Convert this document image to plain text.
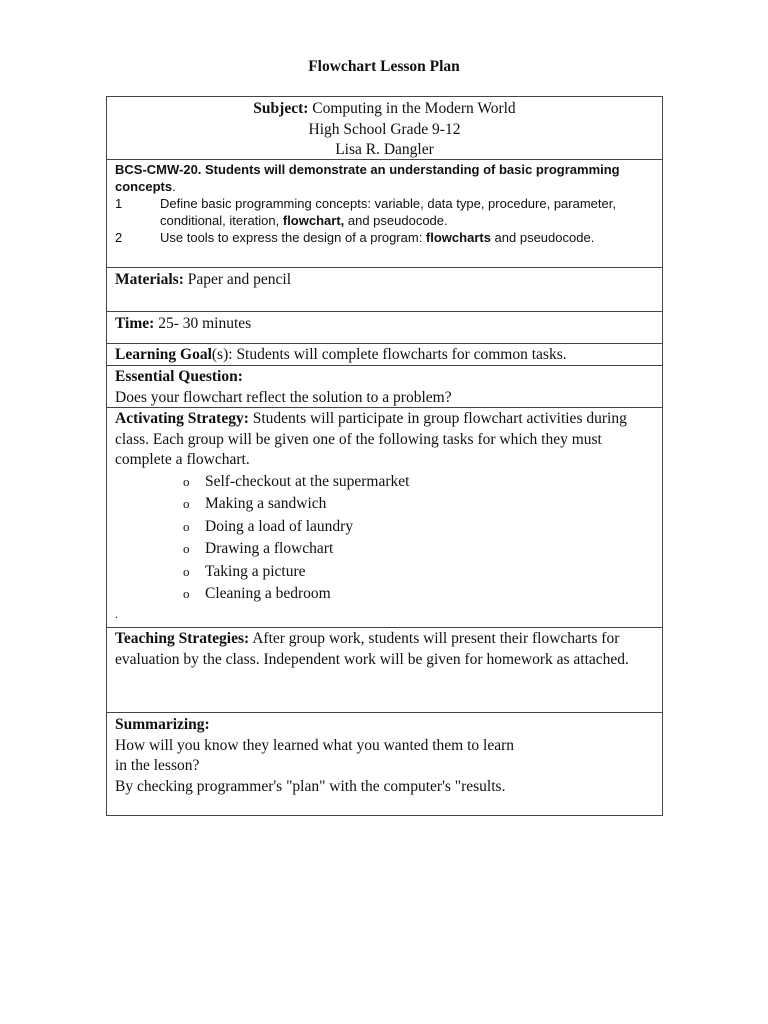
Flowchart Lesson Plan
Subject: Computing in the Modern World
High School Grade 9-12
Lisa R. Dangler
BCS-CMW-20. Students will demonstrate an understanding of basic programming concepts.
1	Define basic programming concepts: variable, data type, procedure, parameter, conditional, iteration, flowchart, and pseudocode.
2	Use tools to express the design of a program: flowcharts and pseudocode.
Materials: Paper and pencil
Time: 25- 30 minutes
Learning Goal(s): Students will complete flowcharts for common tasks.
Essential Question:
Does your flowchart reflect the solution to a problem?
Activating Strategy: Students will participate in group flowchart activities during class. Each group will be given one of the following tasks for which they must complete a flowchart.
o	Self-checkout at the supermarket
o	Making a sandwich
o	Doing a load of laundry
o	Drawing a flowchart
o	Taking a picture
o	Cleaning a bedroom
.
Teaching Strategies: After group work, students will present their flowcharts for evaluation by the class. Independent work will be given for homework as attached.
Summarizing:
How will you know they learned what you wanted them to learn
in the lesson?
By checking programmer's "plan" with the computer's "results.
